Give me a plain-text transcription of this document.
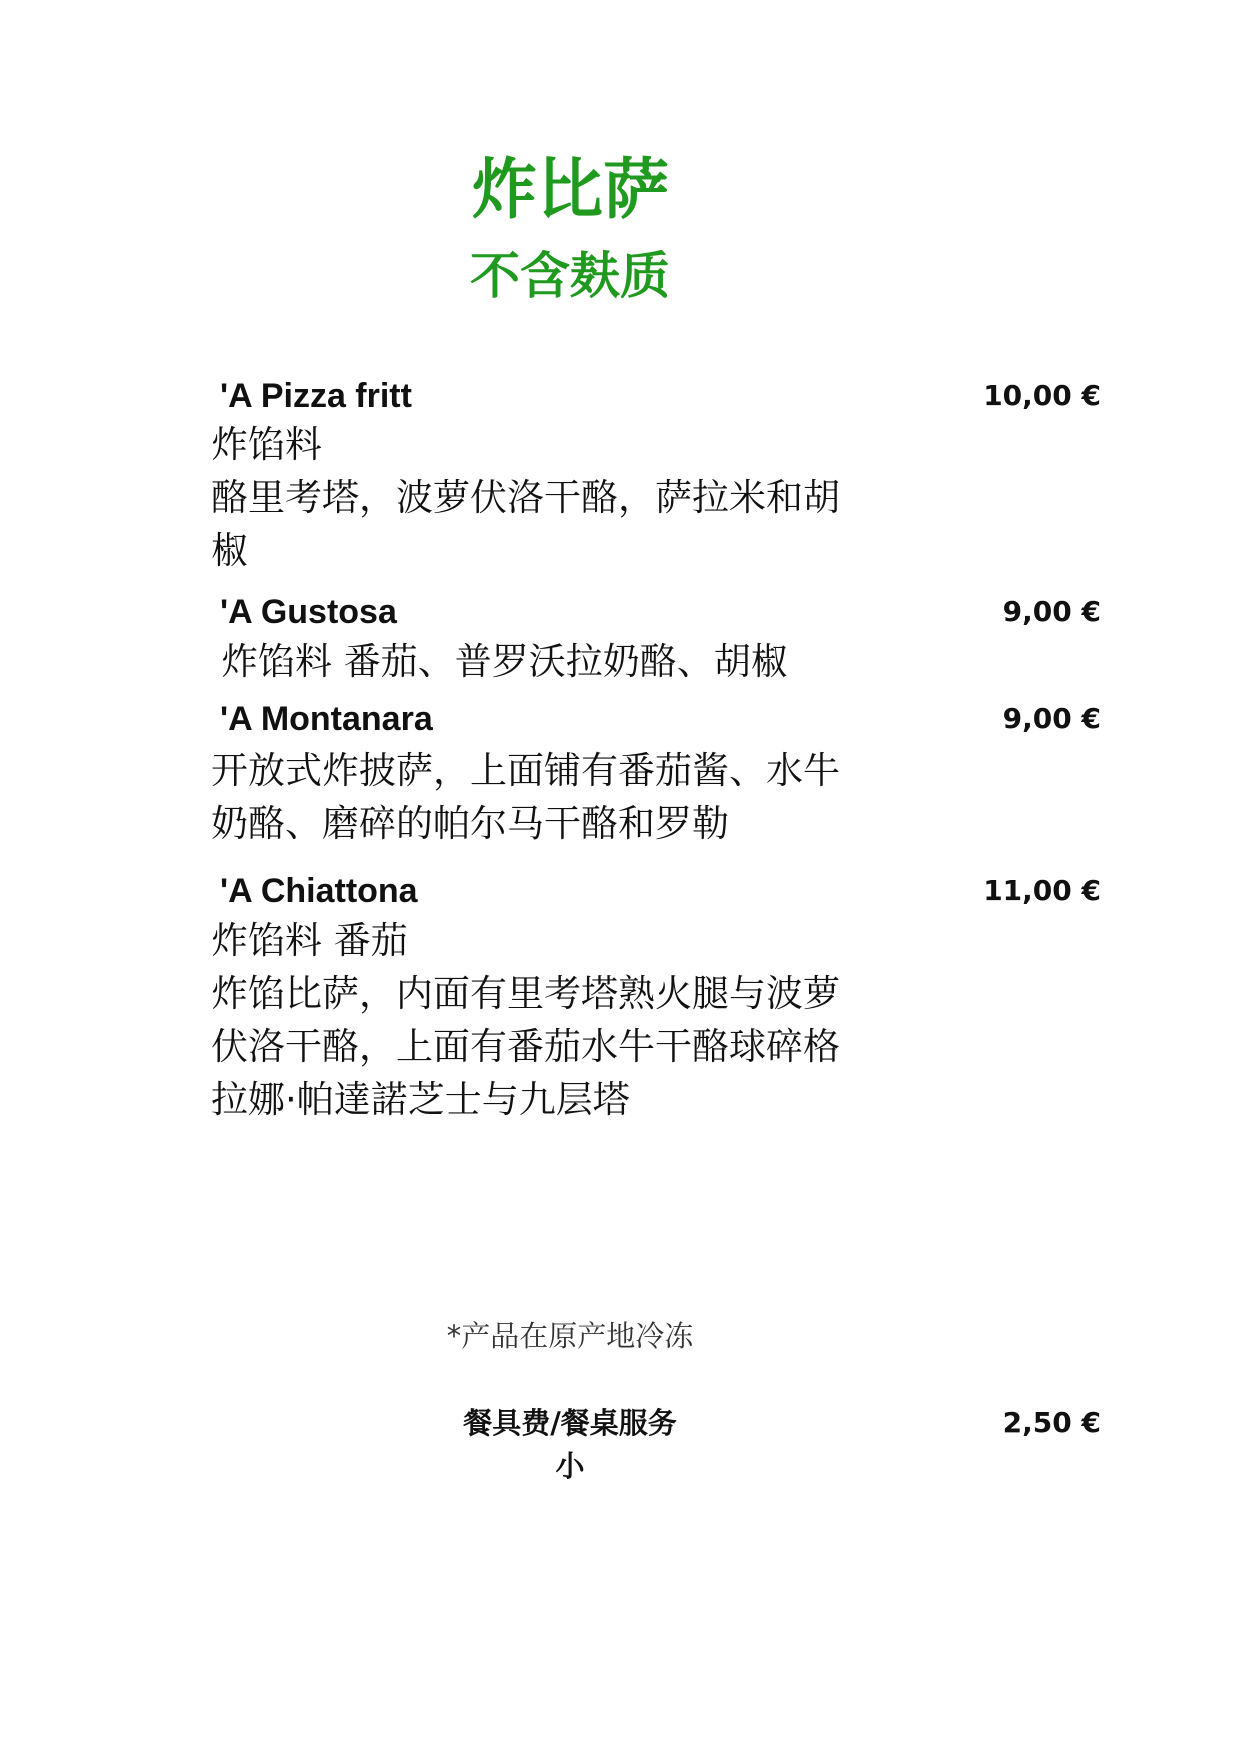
炸比萨
不含麸质
'A Pizza fritt	10,00 €
炸馅料
酪里考塔，波萝伏洛干酪，萨拉米和胡
椒
'A Gustosa	9,00 €
炸馅料 番茄、普罗沃拉奶酪、胡椒
'A Montanara	9,00 €
开放式炸披萨，上面铺有番茄酱、水牛
奶酪、磨碎的帕尔马干酪和罗勒
'A Chiattona	11,00 €
炸馅料 番茄
炸馅比萨，内面有里考塔熟火腿与波萝
伏洛干酪，上面有番茄水牛干酪球碎格
拉娜·帕達諾芝士与九层塔

*产品在原产地冷冻

餐具费/餐桌服务	2,50 €

小
